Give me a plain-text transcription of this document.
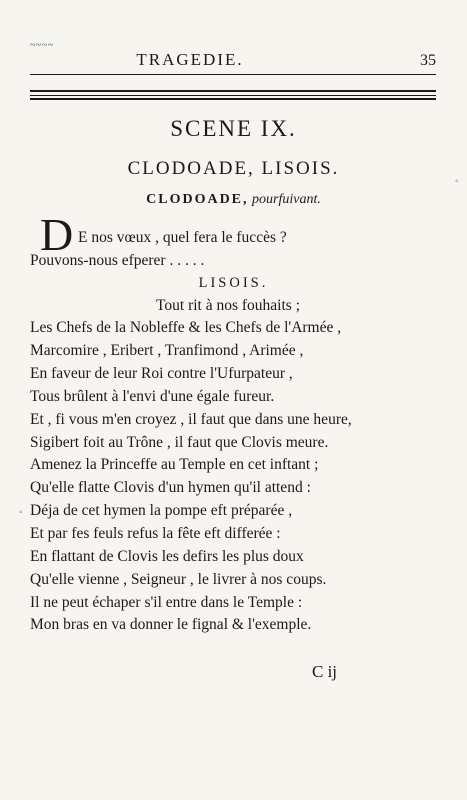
~ ~ ~ ~
TRAGEDIE.	35
SCENE IX.
CLODOADE, LISOIS.
CLODOADE, pourfuivant.
D E nos vœux , quel fera le fuccès ?
Pouvons-nous efperer . . . . .
LISOIS.
Tout rit à nos fouhaits ;
Les Chefs de la Nobleffe & les Chefs de l'Armée ,
Marcomire , Eribert , Tranfimond , Arimée ,
En faveur de leur Roi contre l'Ufurpateur ,
Tous brûlent à l'envi d'une égale fureur.
Et , fi vous m'en croyez , il faut que dans une heure,
Sigibert foit au Trône , il faut que Clovis meure.
Amenez la Princeffe au Temple en cet inftant ;
Qu'elle flatte Clovis d'un hymen qu'il attend :
Déja de cet hymen la pompe eft préparée ,
Et par fes feuls refus la fête eft differée :
En flattant de Clovis les defirs les plus doux
Qu'elle vienne , Seigneur , le livrer à nos coups.
Il ne peut échaper s'il entre dans le Temple :
Mon bras en va donner le fignal & l'exemple.
C ij
◦
◦
